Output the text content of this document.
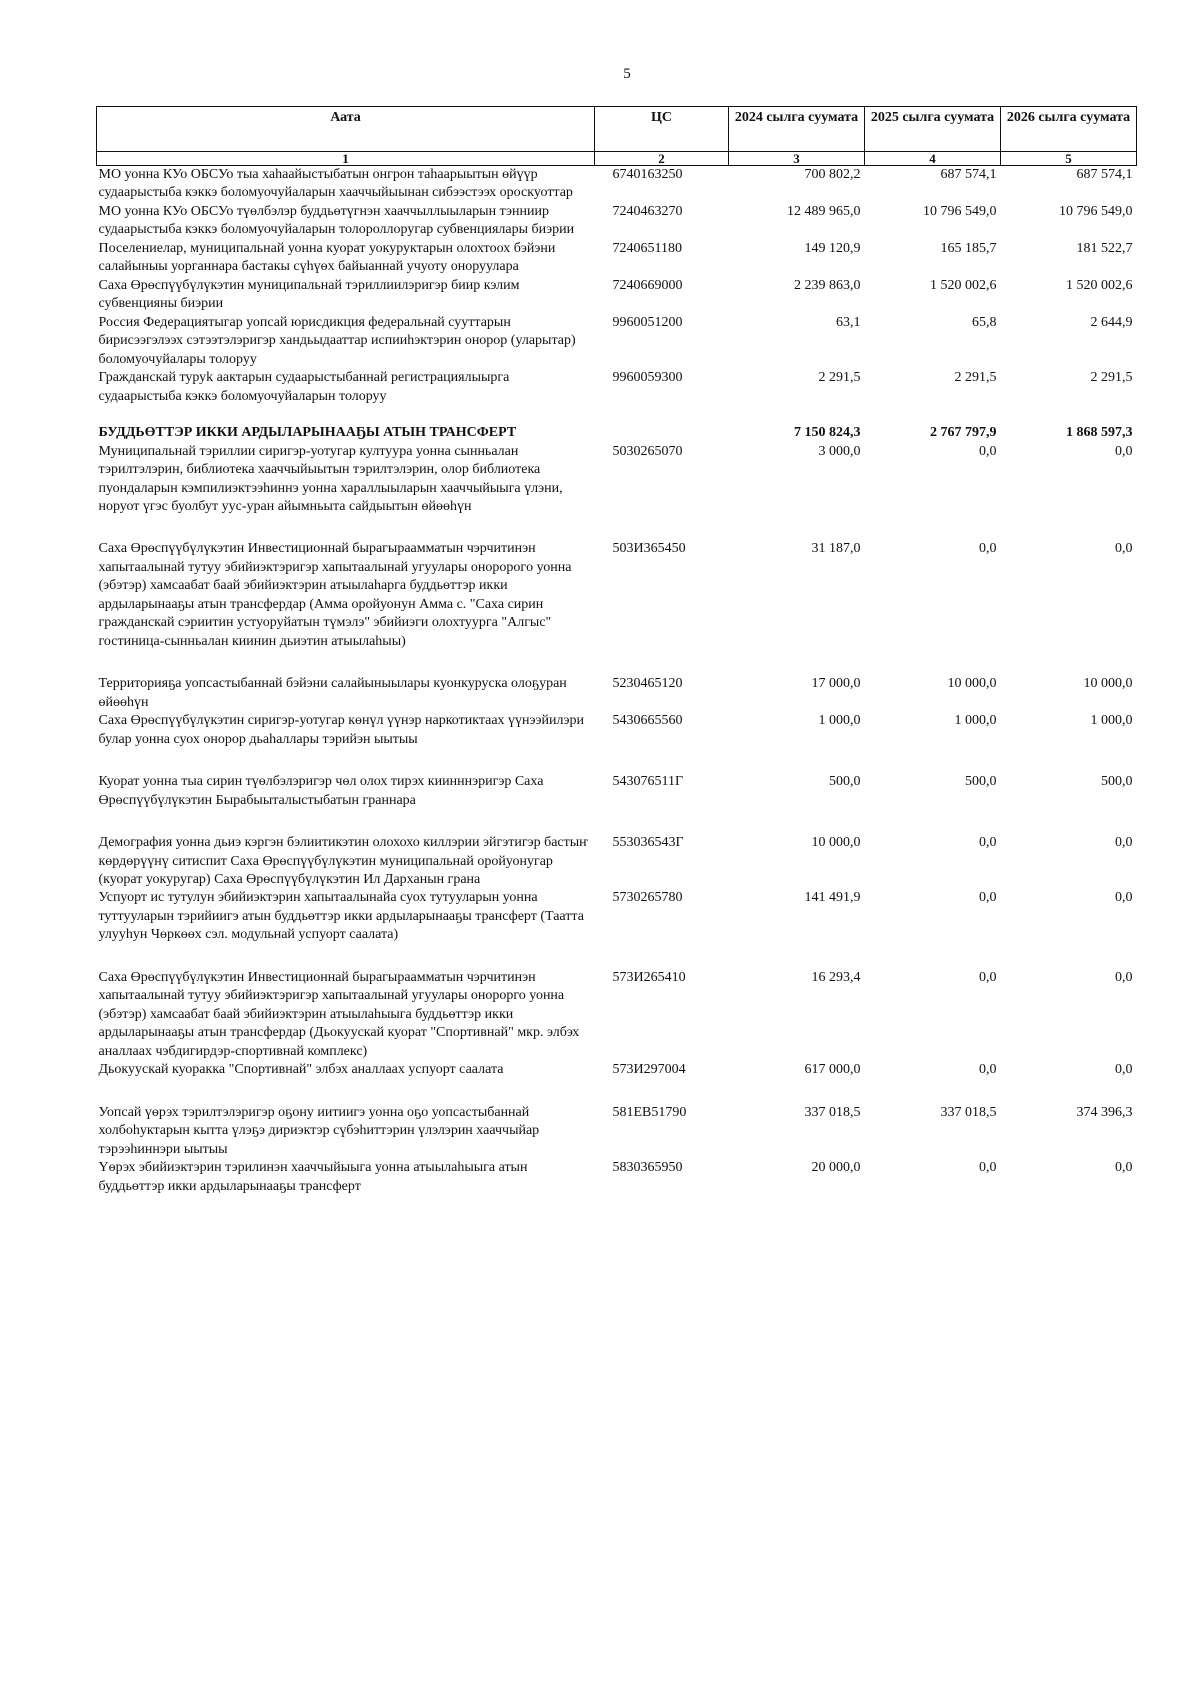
5
Аата	ЦС	2024 сылга суумата	2025 сылга суумата	2026 сылга суумата
1	2	3	4	5
МО уонна КУо ОБСУо тыа хаhаайыстыбатын онгрон таhаарыытын өйүүр судаарыстыба кэккэ боломуочуйаларын хааччыйыынан сибээстээх ороскуоттар	6740163250	700 802,2	687 574,1	687 574,1
МО уонна КУо ОБСУо түөлбэлэр буддьөтүгнэн хааччыллыыларын тэнниир судаарыстыба кэккэ боломуочуйаларын толороллоругар субвенциялары биэрии	7240463270	12 489 965,0	10 796 549,0	10 796 549,0
Поселениелар, муниципальнай уонна куорат уокуруктарын олохтоох бэйэни салайыныы уорганнара бастакы сүhүөх байыаннай учуоту оноруулара	7240651180	149 120,9	165 185,7	181 522,7
Саха Өрөспүүбүлүкэтин муниципальнай тэриллиилэригэр биир кэлим субвенцияны биэрии	7240669000	2 239 863,0	1 520 002,6	1 520 002,6
Россия Федерациятыгар уопсай юрисдикция федеральнай сууттарын бирисээгэлээх сэтээтэлэригэр хандьыдааттар испииhэктэрин онорор (уларытар) боломуочуйалары толоруу	9960051200	63,1	65,8	2 644,9
Гражданскай туруk аактарын судаарыстыбаннай регистрациялыырга судаарыстыба кэккэ боломуочуйаларын толоруу	9960059300	2 291,5	2 291,5	2 291,5
БУДДЬӨТТЭР ИККИ АРДЫЛАРЫНААҔЫ АТЫН ТРАНСФЕРТ		7 150 824,3	2 767 797,9	1 868 597,3
Муниципальнай тэриллии сиригэр-уотугар култуура уонна сынньалан тэрилтэлэрин, библиотека хааччыйыытын тэрилтэлэрин, олор библиотека пуондаларын кэмпилиэктээhиннэ уонна хараллыыларын хааччыйыыга үлэни, норуот үгэс буолбут уус-уран айымньыта сайдыытын өйөөhүн	5030265070	3 000,0	0,0	0,0
Саха Өрөспүүбүлүкэтин Инвестиционнай бырагыраамматын чэрчитинэн хапытаалынай тутуу эбийиэктэригэр хапытаалынай угуулары оноророгo уонна (эбэтэр) хамсаабат баай эбийиэктэрин атыылаhарга буддьөттэр икки ардыларынааҕы атын трансфердар (Амма оройуонун Амма с. "Саха сирин гражданскай сэриитин устуоруйатын түмэлэ" эбийиэги олохтуурга "Алгыс" гостиница-сынньалан киинин дьиэтин атыылаhыы)	503И365450	31 187,0	0,0	0,0
Территорияҕа уопсастыбаннай бэйэни салайыныылары куонкуруска олоҕуран өйөөhүн	5230465120	17 000,0	10 000,0	10 000,0
Саха Өрөспүүбүлүкэтин сиригэр-уотугар көнүл үүнэр наркотиктаах үүнээйилэри булар уонна суох онорор дьаhаллары тэрийэн ыытыы	5430665560	1 000,0	1 000,0	1 000,0
Куорат уонна тыа сирин түөлбэлэригэр чөл олох тирэх киинннэригэр Саха Өрөспүүбүлүкэтин Бырабыыталыстыбатын граннара	543076511Г	500,0	500,0	500,0
Демография уонна дьиэ кэргэн бэлиитикэтин олохохо киллэрии эйгэтигэр бастыҥ көрдөрүүнү ситиспит Саха Өрөспүүбүлүкэтин муниципальнай оройуонугар (куорат уокуругар) Саха Өрөспүүбүлүкэтин Ил Дарханын грана	553036543Г	10 000,0	0,0	0,0
Успуорт ис тутулун эбийиэктэрин хапытаалынайа суох тутууларын уонна туттууларын тэрийиигэ атын буддьөттэр икки ардыларынааҕы трансферт (Таатта улууhун Чөркөөх сэл. модульнай успуорт саалата)	5730265780	141 491,9	0,0	0,0
Саха Өрөспүүбүлүкэтин Инвестиционнай бырагыраамматын чэрчитинэн хапытаалынай тутуу эбийиэктэригэр хапытаалынай угуулары онорорго уонна (эбэтэр) хамсаабат баай эбийиэктэрин атыылаhыыга буддьөттэр икки ардыларынааҕы атын трансфердар (Дьокуускай куорат "Спортивнай" мкр. элбэх аналлаах чэбдигирдэр-спортивнай комплекс)	573И265410	16 293,4	0,0	0,0
Дьокуускай куоракка "Спортивнай" элбэх аналлаах успуорт саалата	573И297004	617 000,0	0,0	0,0
Уопсай үөрэх тэрилтэлэригэр оҕону иитиигэ уонна оҕо уопсастыбаннай холбоhуктарын кытта үлэҕэ дириэктэр сүбэhиттэрин үлэлэрин хааччыйар тэрээhиннэри ыытыы	581ЕВ51790	337 018,5	337 018,5	374 396,3
Үөрэх эбийиэктэрин тэрилинэн хааччыйыыга уонна атыылаhыыга атын буддьөттэр икки ардыларынааҕы трансферт	5830365950	20 000,0	0,0	0,0
